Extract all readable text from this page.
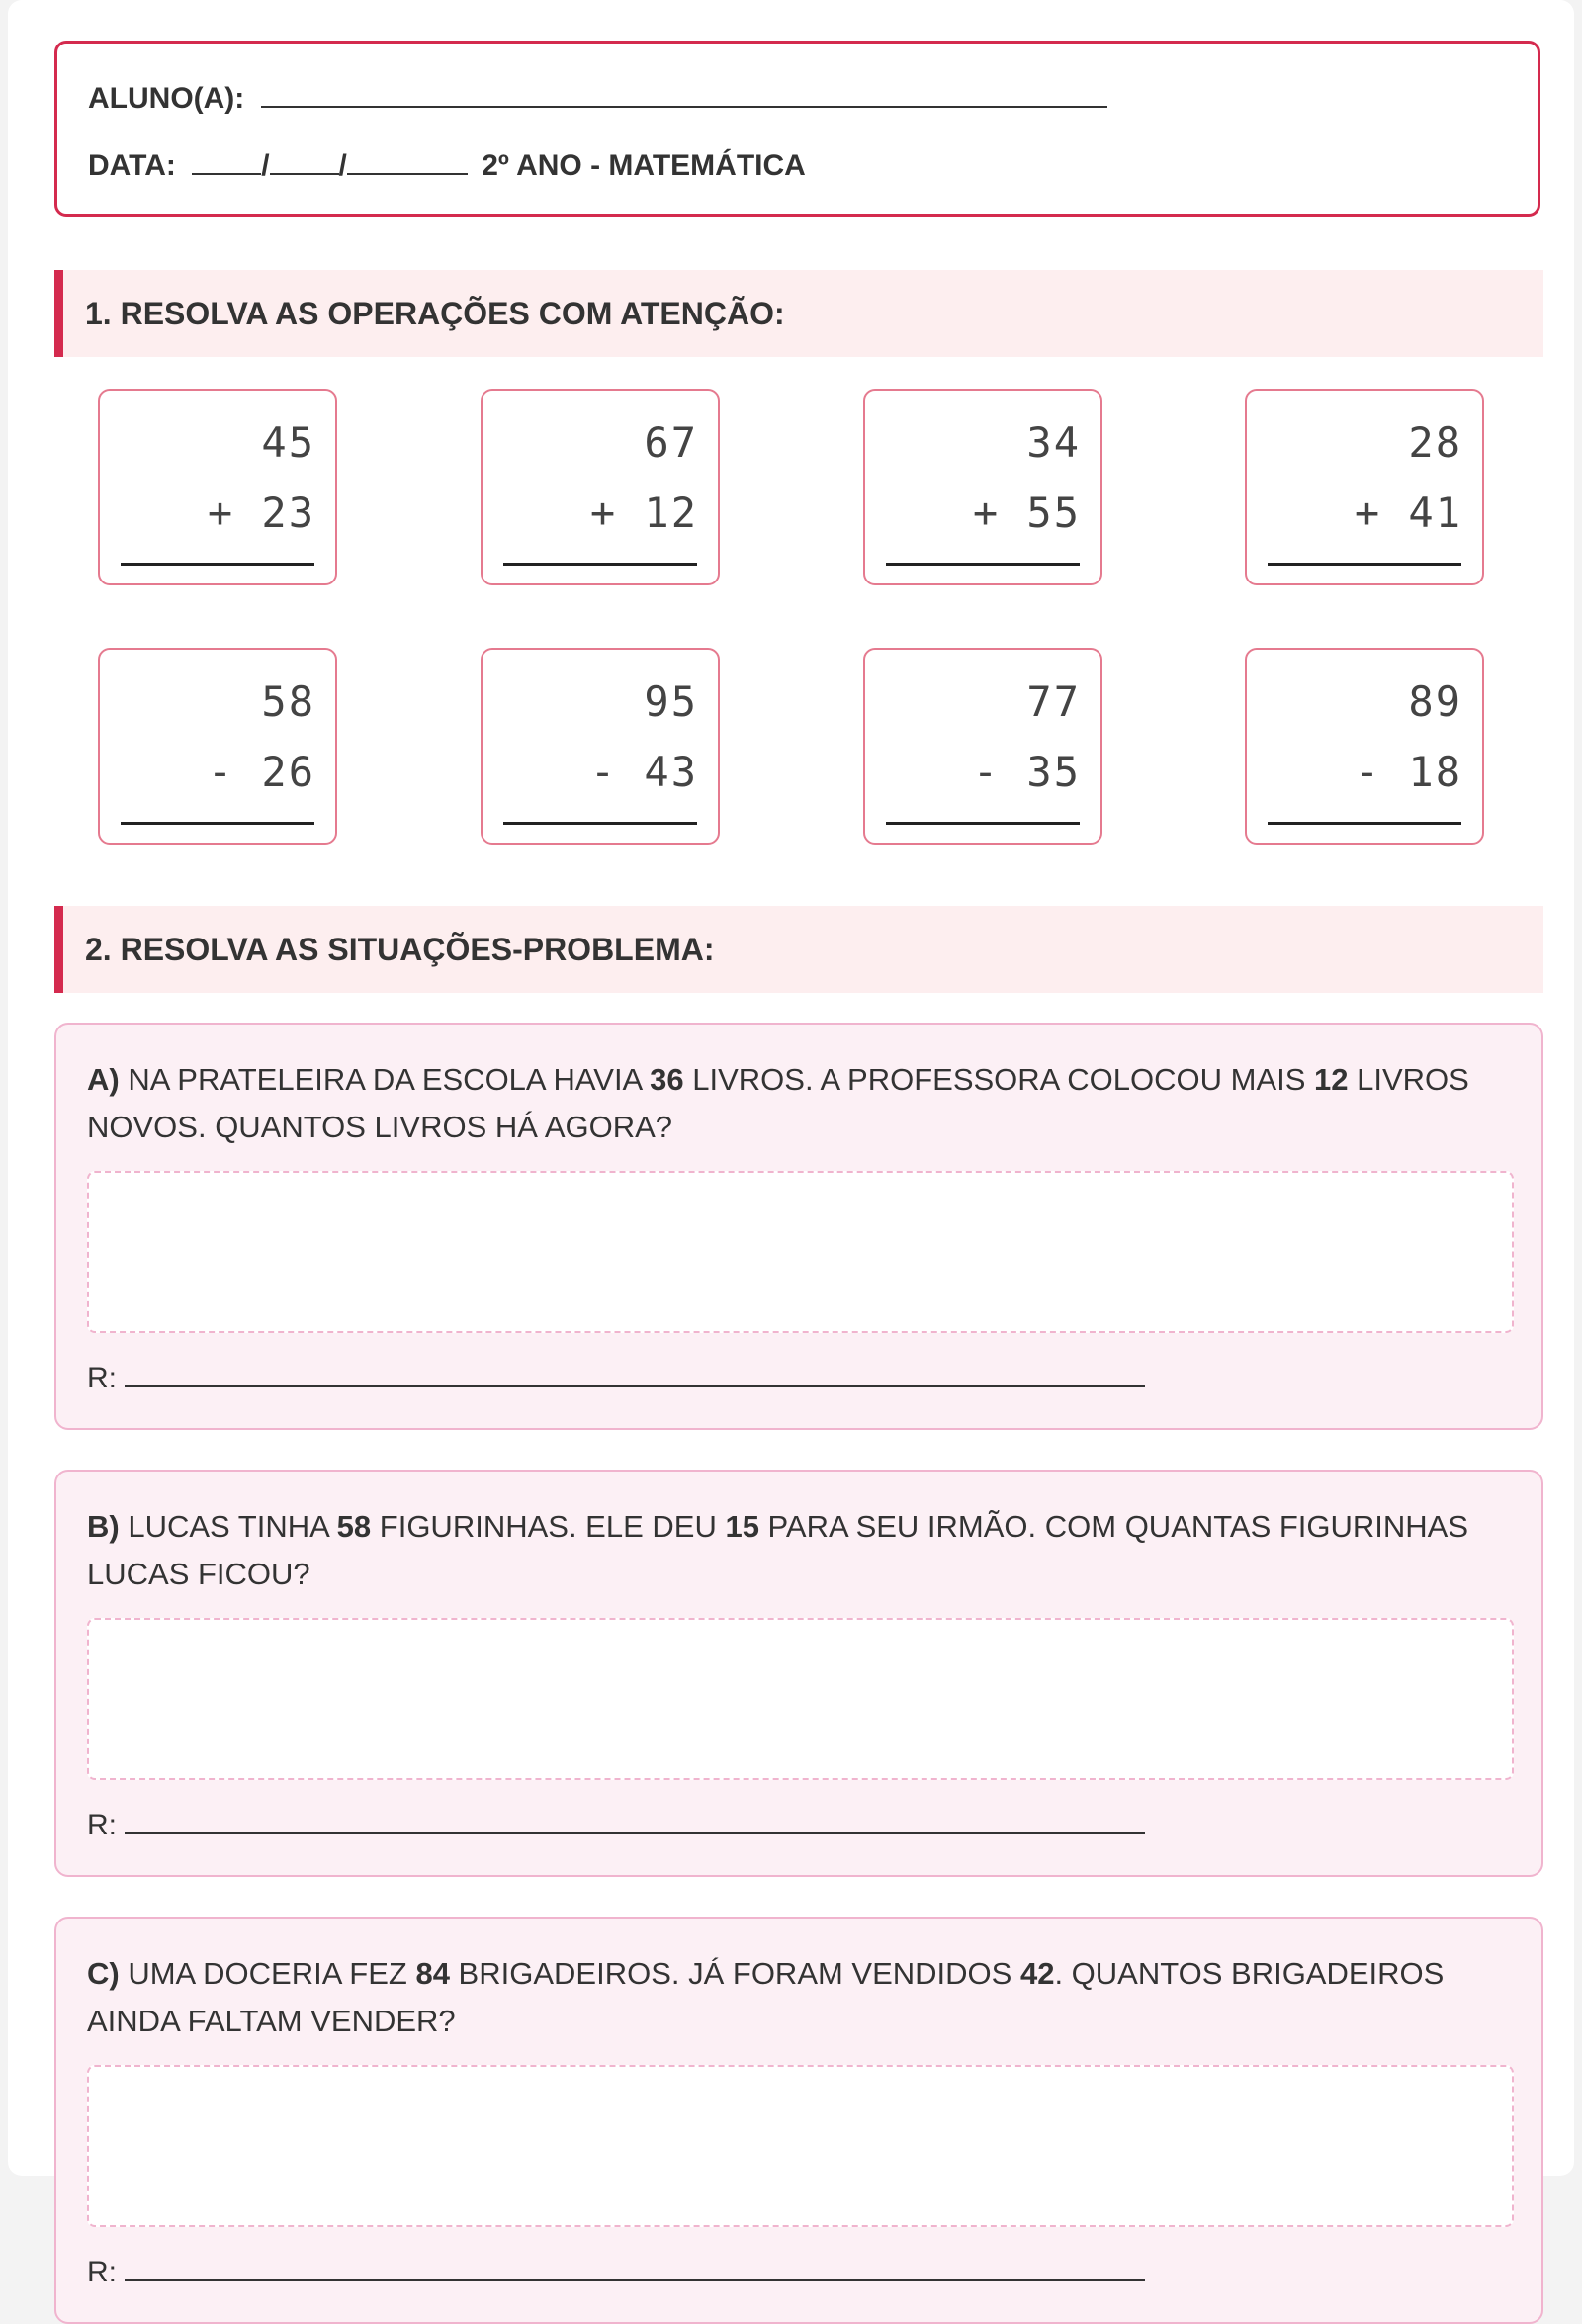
ALUNO(A):
DATA:	/ /	2º ANO - MATEMÁTICA
1. RESOLVA AS OPERAÇÕES COM ATENÇÃO:
45
+ 23
67
+ 12
34
+ 55
28
+ 41
58
- 26
95
- 43
77
- 35
89
- 18
2. RESOLVA AS SITUAÇÕES-PROBLEMA:
A) NA PRATELEIRA DA ESCOLA HAVIA 36 LIVROS. A PROFESSORA COLOCOU MAIS 12 LIVROS NOVOS. QUANTOS LIVROS HÁ AGORA?
R:
B) LUCAS TINHA 58 FIGURINHAS. ELE DEU 15 PARA SEU IRMÃO. COM QUANTAS FIGURINHAS LUCAS FICOU?
R:
C) UMA DOCERIA FEZ 84 BRIGADEIROS. JÁ FORAM VENDIDOS 42. QUANTOS BRIGADEIROS AINDA FALTAM VENDER?
R:
